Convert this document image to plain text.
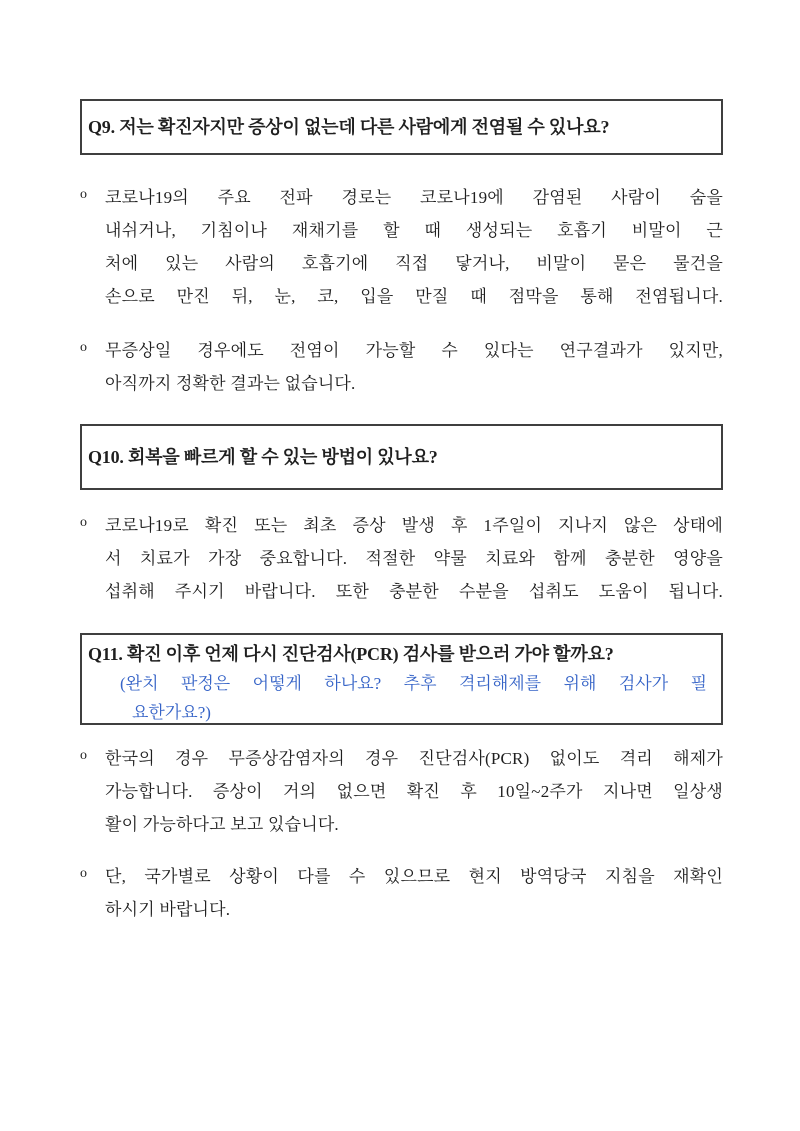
Q9. 저는 확진자지만 증상이 없는데 다른 사람에게 전염될 수 있나요?
o 코로나19의 주요 전파 경로는 코로나19에 감염된 사람이 숨을
내쉬거나, 기침이나 재채기를 할 때 생성되는 호흡기 비말이 근
처에 있는 사람의 호흡기에 직접 닿거나, 비말이 묻은 물건을
손으로 만진 뒤, 눈, 코, 입을 만질 때 점막을 통해 전염됩니다.
o 무증상일 경우에도 전염이 가능할 수 있다는 연구결과가 있지만,
아직까지 정확한 결과는 없습니다.
Q10. 회복을 빠르게 할 수 있는 방법이 있나요?
o 코로나19로 확진 또는 최초 증상 발생 후 1주일이 지나지 않은 상태에
서 치료가 가장 중요합니다. 적절한 약물 치료와 함께 충분한 영양을
섭취해 주시기 바랍니다. 또한 충분한 수분을 섭취도 도움이 됩니다.
Q11. 확진 이후 언제 다시 진단검사(PCR) 검사를 받으러 가야 할까요?
(완치 판정은 어떻게 하나요? 추후 격리해제를 위해 검사가 필
요한가요?)
o 한국의 경우 무증상감염자의 경우 진단검사(PCR) 없이도 격리 해제가
가능합니다. 증상이 거의 없으면 확진 후 10일~2주가 지나면 일상생
활이 가능하다고 보고 있습니다.
o 단, 국가별로 상황이 다를 수 있으므로 현지 방역당국 지침을 재확인
하시기 바랍니다.
